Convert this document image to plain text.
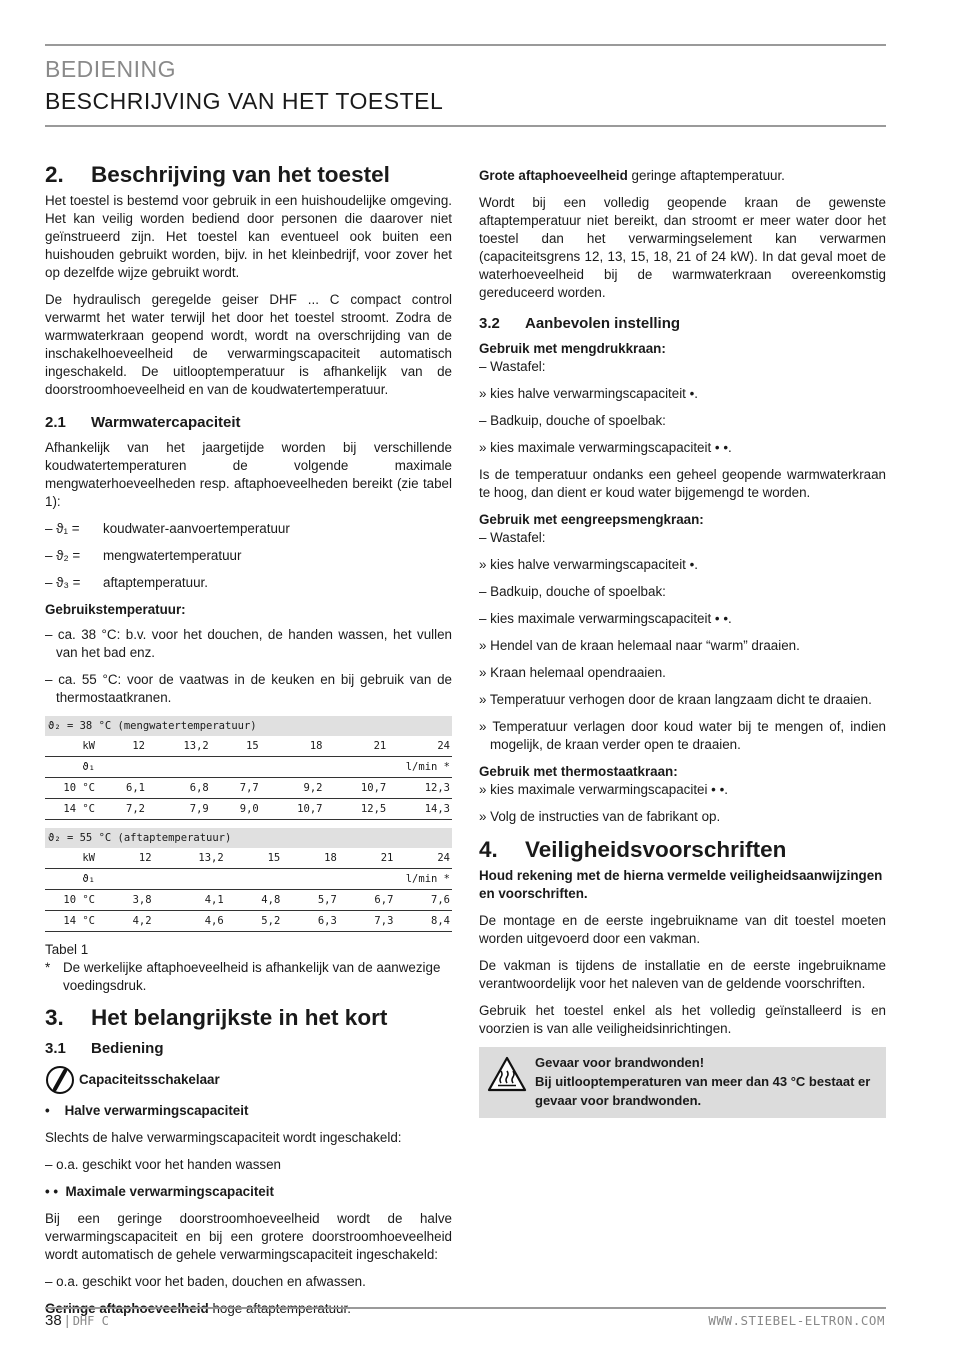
BEDIENING
BESCHRIJVING VAN HET TOESTEL
2.	Beschrijving van het toestel

Het toestel is bestemd voor gebruik in een huishoudelijke omgeving. Het kan veilig worden bediend door personen die daarover niet geïnstrueerd zijn. Het toestel kan eventueel ook buiten een huishouden gebruikt worden, bijv. in het kleinbedrijf, voor zover het op dezelfde wijze gebruikt wordt.

De hydraulisch geregelde geiser DHF ... C compact control verwarmt het water terwijl het door het toestel stroomt. Zodra de warmwaterkraan geopend wordt, wordt na overschrijding van de inschakelhoeveelheid de verwarmingscapaciteit automatisch ingeschakeld. De uitlooptemperatuur is afhankelijk van de doorstroomhoeveelheid en van de koudwatertemperatuur.

2.1	Warmwatercapaciteit

Afhankelijk van het jaargetijde worden bij verschillende koudwatertemperaturen de volgende maximale mengwaterhoeveelheden resp. aftaphoeveelheden bereikt (zie tabel 1):

– ϑ₁ =	koudwater-aanvoertemperatuur
– ϑ₂ =	mengwatertemperatuur
– ϑ₃ =	aftaptemperatuur.

Gebruikstemperatuur:

– ca. 38 °C: b.v. voor het douchen, de handen wassen, het vullen van het bad enz.

– ca. 55 °C: voor de vaatwas in de keuken en bij gebruik van de thermostaatkranen.

ϑ₂ = 38 °C (mengwatertemperatuur)						
kW	12	13,2	15	18	21	24
ϑ₁	l/min *					
10 °C	6,1	6,8	7,7	9,2	10,7	12,3
14 °C	7,2	7,9	9,0	10,7	12,5	14,3
ϑ₂ = 55 °C (aftaptemperatuur)						
kW	12	13,2	15	18	21	24
ϑ₁	l/min *					
10 °C	3,8	4,1	4,8	5,7	6,7	7,6
14 °C	4,2	4,6	5,2	6,3	7,3	8,4

Tabel 1

* De werkelijke aftaphoeveelheid is afhankelijk van de aanwezige voedingsdruk.
3.	Het belangrijkste in het kort
3.1	Bediening
Capaciteitsschakelaar

•    Halve verwarmingscapaciteit

Slechts de halve verwarmingscapaciteit wordt ingeschakeld:

– o.a. geschikt voor het handen wassen

• •  Maximale verwarmingscapaciteit

Bij een geringe doorstroomhoeveelheid wordt de halve verwarmingscapaciteit en bij een grotere doorstroomhoeveelheid wordt automatisch de gehele verwarmingscapaciteit ingeschakeld:

– o.a. geschikt voor het baden, douchen en afwassen.

Grote aftaphoeveelheid geringe aftaptemperatuur.

Wordt bij een volledig geopende kraan de gewenste aftaptemperatuur niet bereikt, dan stroomt er meer water door het toestel dan het verwarmingselement kan verwarmen (capaciteitsgrens 12, 13, 15, 18, 21 of 24 kW). In dat geval moet de waterhoeveelheid bij de warmwaterkraan overeenkomstig gereduceerd worden.

3.2	Aanbevolen instelling

Gebruik met mengdrukkraan:

– Wastafel:

» kies halve verwarmingscapaciteit •.

– Badkuip, douche of spoelbak:

» kies maximale verwarmingscapaciteit • •.

Is de temperatuur ondanks een geheel geopende warmwaterkraan te hoog, dan dient er koud water bijgemengd te worden.

Gebruik met eengreepsmengkraan:

– Wastafel:

» kies halve verwarmingscapaciteit •.

– Badkuip, douche of spoelbak:

– kies maximale verwarmingscapaciteit • •.

» Hendel van de kraan helemaal naar “warm” draaien.

» Kraan helemaal opendraaien.

» Temperatuur verhogen door de kraan langzaam dicht te draaien.

» Temperatuur verlagen door koud water bij te mengen of, indien mogelijk, de kraan verder open te draaien.

Gebruik met thermostaatkraan:

» kies maximale verwarmingscapacitei • •.

» Volg de instructies van de fabrikant op.

4.	Veiligheidsvoorschriften

Houd rekening met de hierna vermelde veiligheidsaanwijzingen en voorschriften.

De montage en de eerste ingebruikname van dit toestel moeten worden uitgevoerd door een vakman.

De vakman is tijdens de installatie en de eerste ingebruikname verantwoordelijk voor het naleven van de geldende voorschriften.

Gebruik het toestel enkel als het volledig geïnstalleerd is en voorzien is van alle veiligheidsinrichtingen.

Gevaar voor brandwonden!
Bij uitlooptemperaturen van meer dan 43 °C bestaat er gevaar voor brandwonden.
38 | DHF C	WWW.STIEBEL-ELTRON.COM
